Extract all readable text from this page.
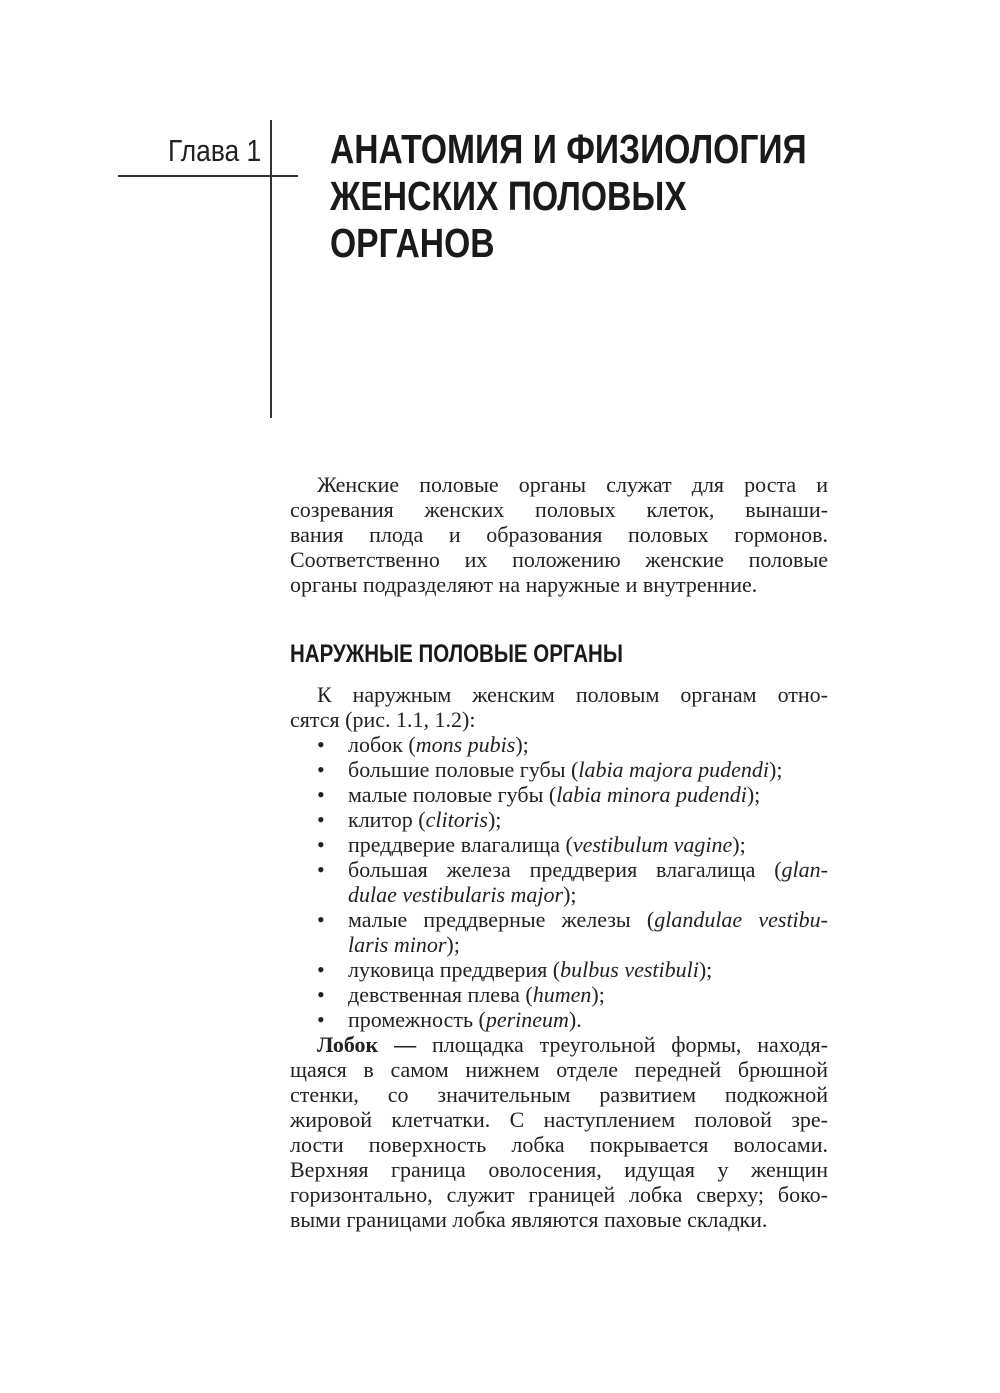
Глава 1 АНАТОМИЯ И ФИЗИОЛОГИЯ
ЖЕНСКИХ ПОЛОВЫХ
ОРГАНОВ
Женские половые органы служат для роста и
созревания женских половых клеток, вынаши-
вания плода и образования половых гормонов.
Соответственно их положению женские половые
органы подразделяют на наружные и внутренние.
НАРУЖНЫЕ ПОЛОВЫЕ ОРГАНЫ
К наружным женским половым органам отно-
сятся (рис. 1.1, 1.2):
• лобок (mons pubis);
• большие половые губы (labia majora pudendi);
• малые половые губы (labia minora pudendi);
• клитор (clitoris);
• преддверие влагалища (vestibulum vagine);
• большая железа преддверия влагалища (glan-
dulae vestibularis major);
• малые преддверные железы (glandulae vestibu-
laris minor);
• луковица преддверия (bulbus vestibuli);
• девственная плева (humen);
• промежность (perineum).
Лобок — площадка треугольной формы, находя-
щаяся в самом нижнем отделе передней брюшной
стенки, со значительным развитием подкожной
жировой клетчатки. С наступлением половой зре-
лости поверхность лобка покрывается волосами.
Верхняя граница оволосения, идущая у женщин
горизонтально, служит границей лобка сверху; боко-
выми границами лобка являются паховые складки.
